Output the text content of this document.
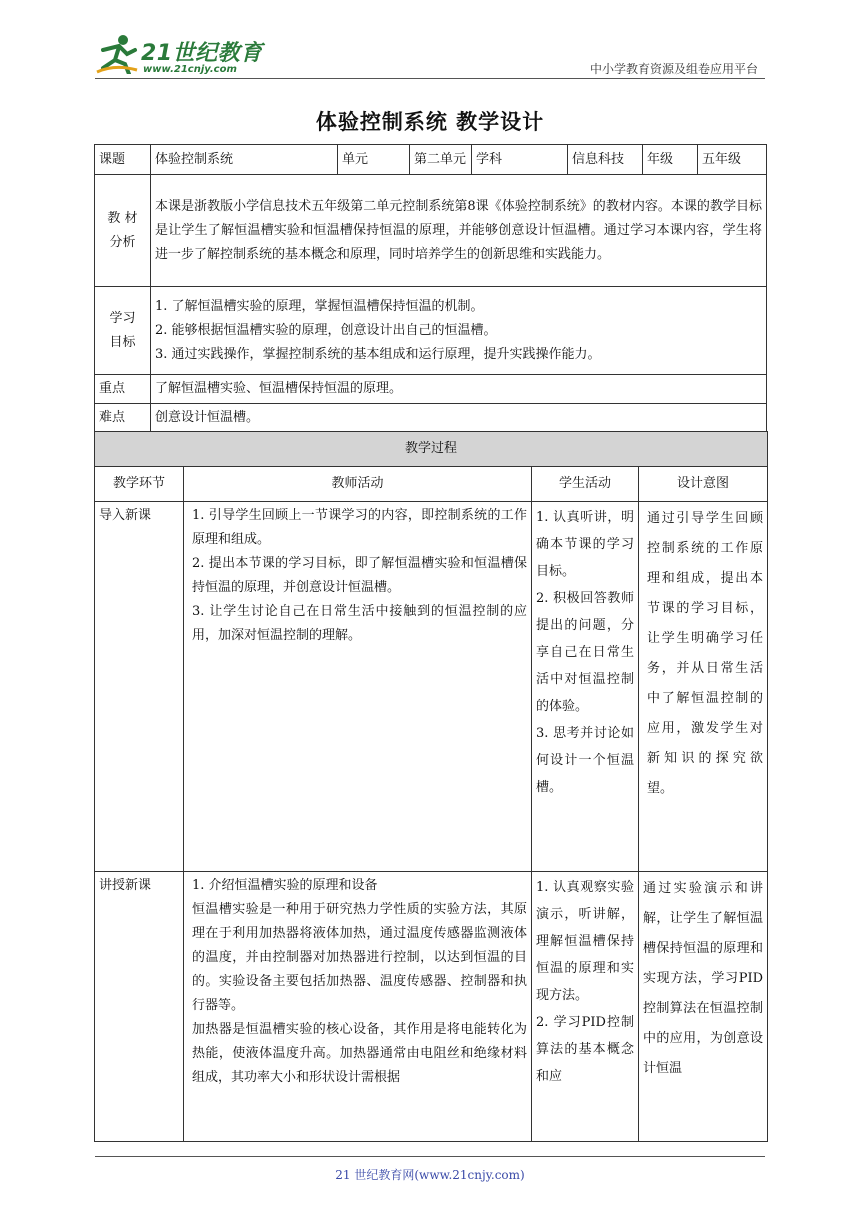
21世纪教育
www.21cnjy.com	中小学教育资源及组卷应用平台
体验控制系统 教学设计
课题	体验控制系统	单元	第二单元	学科	信息科技	年级	五年级

教 材
分析	本课是浙教版小学信息技术五年级第二单元控制系统第8课《体验控制系统》的教材内容。本课的教学目标是让学生了解恒温槽实验和恒温槽保持恒温的原理，并能够创意设计恒温槽。通过学习本课内容，学生将进一步了解控制系统的基本概念和原理，同时培养学生的创新思维和实践能力。						

学习
目标	1. 了解恒温槽实验的原理，掌握恒温槽保持恒温的机制。
2. 能够根据恒温槽实验的原理，创意设计出自己的恒温槽。
3. 通过实践操作，掌握控制系统的基本组成和运行原理，提升实践操作能力。						

重点	了解恒温槽实验、恒温槽保持恒温的原理。						
难点	创意设计恒温槽。						
教学过程			
教学环节	教师活动	学生活动	设计意图
导入新课	1. 引导学生回顾上一节课学习的内容，即控制系统的工作原理和组成。
2. 提出本节课的学习目标，即了解恒温槽实验和恒温槽保持恒温的原理，并创意设计恒温槽。
3. 让学生讨论自己在日常生活中接触到的恒温控制的应用，加深对恒温控制的理解。	1. 认真听讲，明确本节课的学习目标。
2. 积极回答教师提出的问题，分享自己在日常生活中对恒温控制的体验。
3. 思考并讨论如何设计一个恒温槽。	通过引导学生回顾控制系统的工作原理和组成，提出本节课的学习目标，让学生明确学习任务，并从日常生活中了解恒温控制的应用，激发学生对新知识的探究欲望。
讲授新课	1. 介绍恒温槽实验的原理和设备
恒温槽实验是一种用于研究热力学性质的实验方法，其原理在于利用加热器将液体加热，通过温度传感器监测液体的温度，并由控制器对加热器进行控制，以达到恒温的目的。实验设备主要包括加热器、温度传感器、控制器和执行器等。
加热器是恒温槽实验的核心设备，其作用是将电能转化为热能，使液体温度升高。加热器通常由电阻丝和绝缘材料组成，其功率大小和形状设计需根据	1. 认真观察实验演示，听讲解，理解恒温槽保持恒温的原理和实现方法。
2. 学习PID控制算法的基本概念和应	通过实验演示和讲解，让学生了解恒温槽保持恒温的原理和实现方法，学习PID控制算法在恒温控制中的应用，为创意设计恒温
21 世纪教育网(www.21cnjy.com)
